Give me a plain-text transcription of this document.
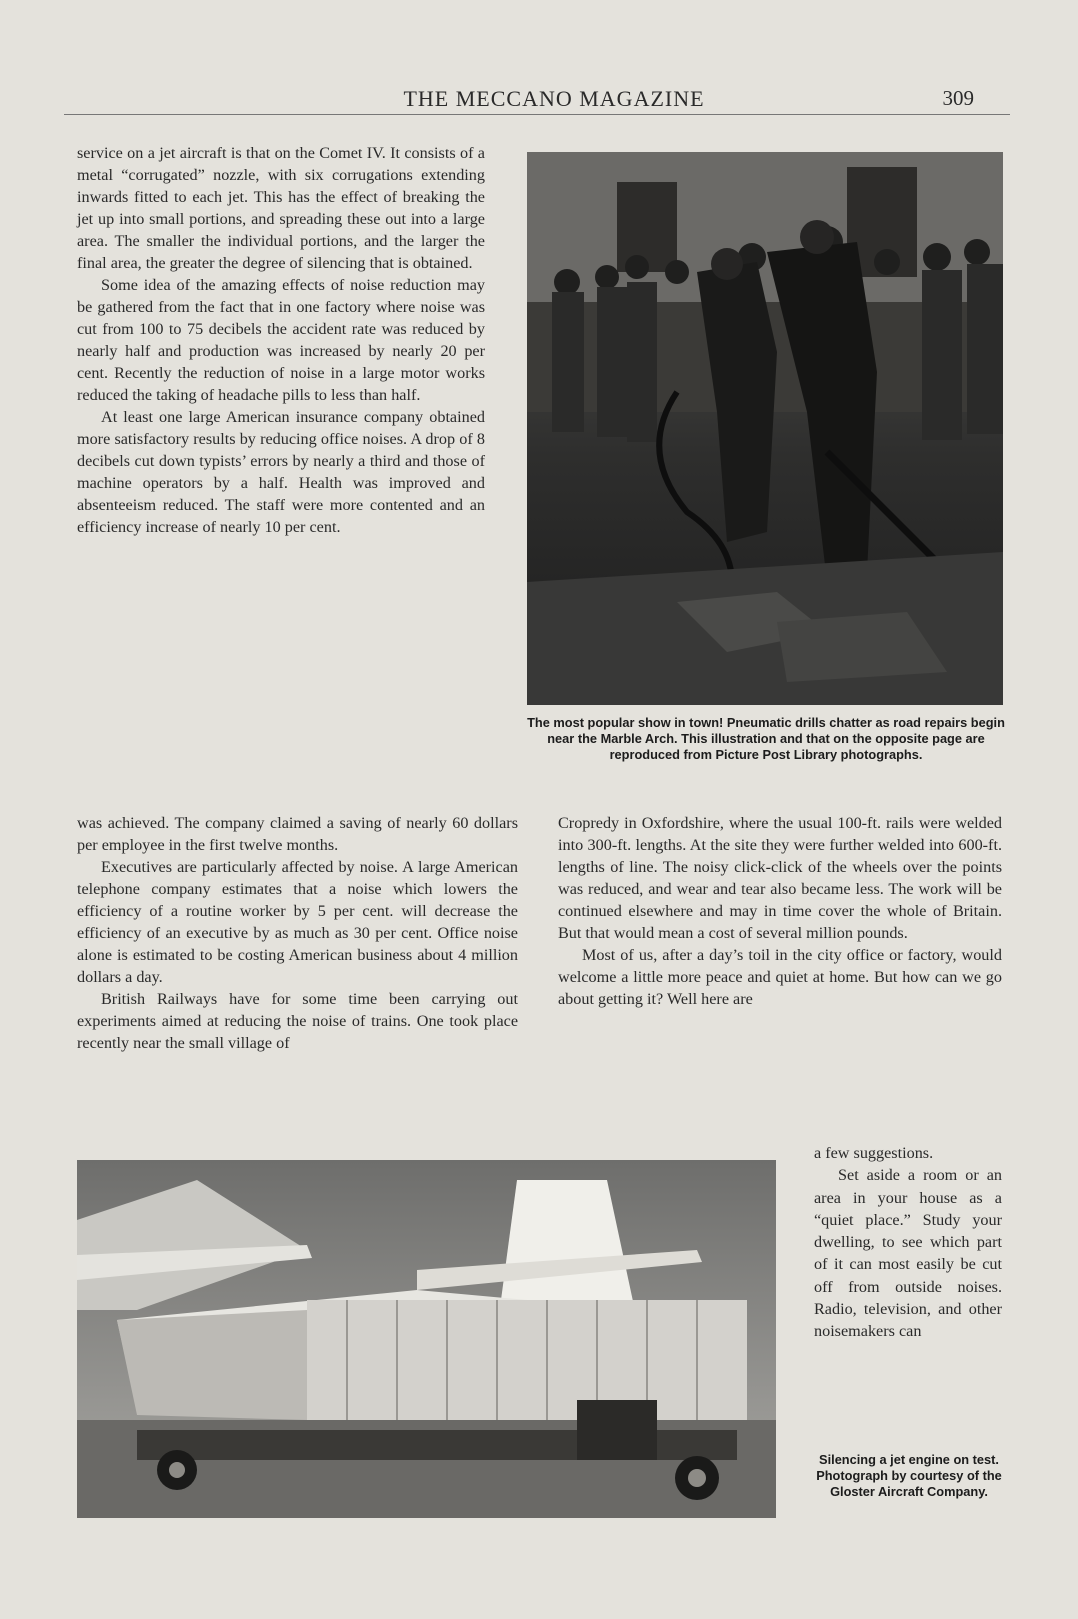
THE MECCANO MAGAZINE	309

service on a jet aircraft is that on the Comet IV. It consists of a metal “corrugated” nozzle, with six corrugations extending inwards fitted to each jet. This has the effect of breaking the jet up into small portions, and spreading these out into a large area. The smaller the individual portions, and the larger the final area, the greater the degree of silencing that is obtained.

Some idea of the amazing effects of noise reduction may be gathered from the fact that in one factory where noise was cut from 100 to 75 decibels the accident rate was reduced by nearly half and production was increased by nearly 20 per cent. Recently the reduction of noise in a large motor works reduced the taking of headache pills to less than half.

At least one large American insurance company obtained more satisfactory results by reducing office noises. A drop of 8 decibels cut down typists’ errors by nearly a third and those of machine operators by a half. Health was improved and absenteeism reduced. The staff were more contented and an efficiency increase of nearly 10 per cent.

The most popular show in town! Pneumatic drills chatter as road repairs begin near the Marble Arch. This illustration and that on the opposite page are reproduced from Picture Post Library photographs.

was achieved. The company claimed a saving of nearly 60 dollars per employee in the first twelve months.

Executives are particularly affected by noise. A large American telephone company estimates that a noise which lowers the efficiency of a routine worker by 5 per cent. will decrease the efficiency of an executive by as much as 30 per cent. Office noise alone is estimated to be costing American business about 4 million dollars a day.

British Railways have for some time been carrying out experiments aimed at reducing the noise of trains. One took place recently near the small village of

Cropredy in Oxfordshire, where the usual 100-ft. rails were welded into 300-ft. lengths. At the site they were further welded into 600-ft. lengths of line. The noisy click-click of the wheels over the points was reduced, and wear and tear also became less. The work will be continued elsewhere and may in time cover the whole of Britain. But that would mean a cost of several million pounds.

Most of us, after a day’s toil in the city office or factory, would welcome a little more peace and quiet at home. But how can we go about getting it? Well here are

a few suggestions.

Set aside a room or an area in your house as a “quiet place.” Study your dwelling, to see which part of it can most easily be cut off from outside noises. Radio, television, and other noisemakers can

Silencing a jet engine on test. Photograph by courtesy of the Gloster Aircraft Company.
